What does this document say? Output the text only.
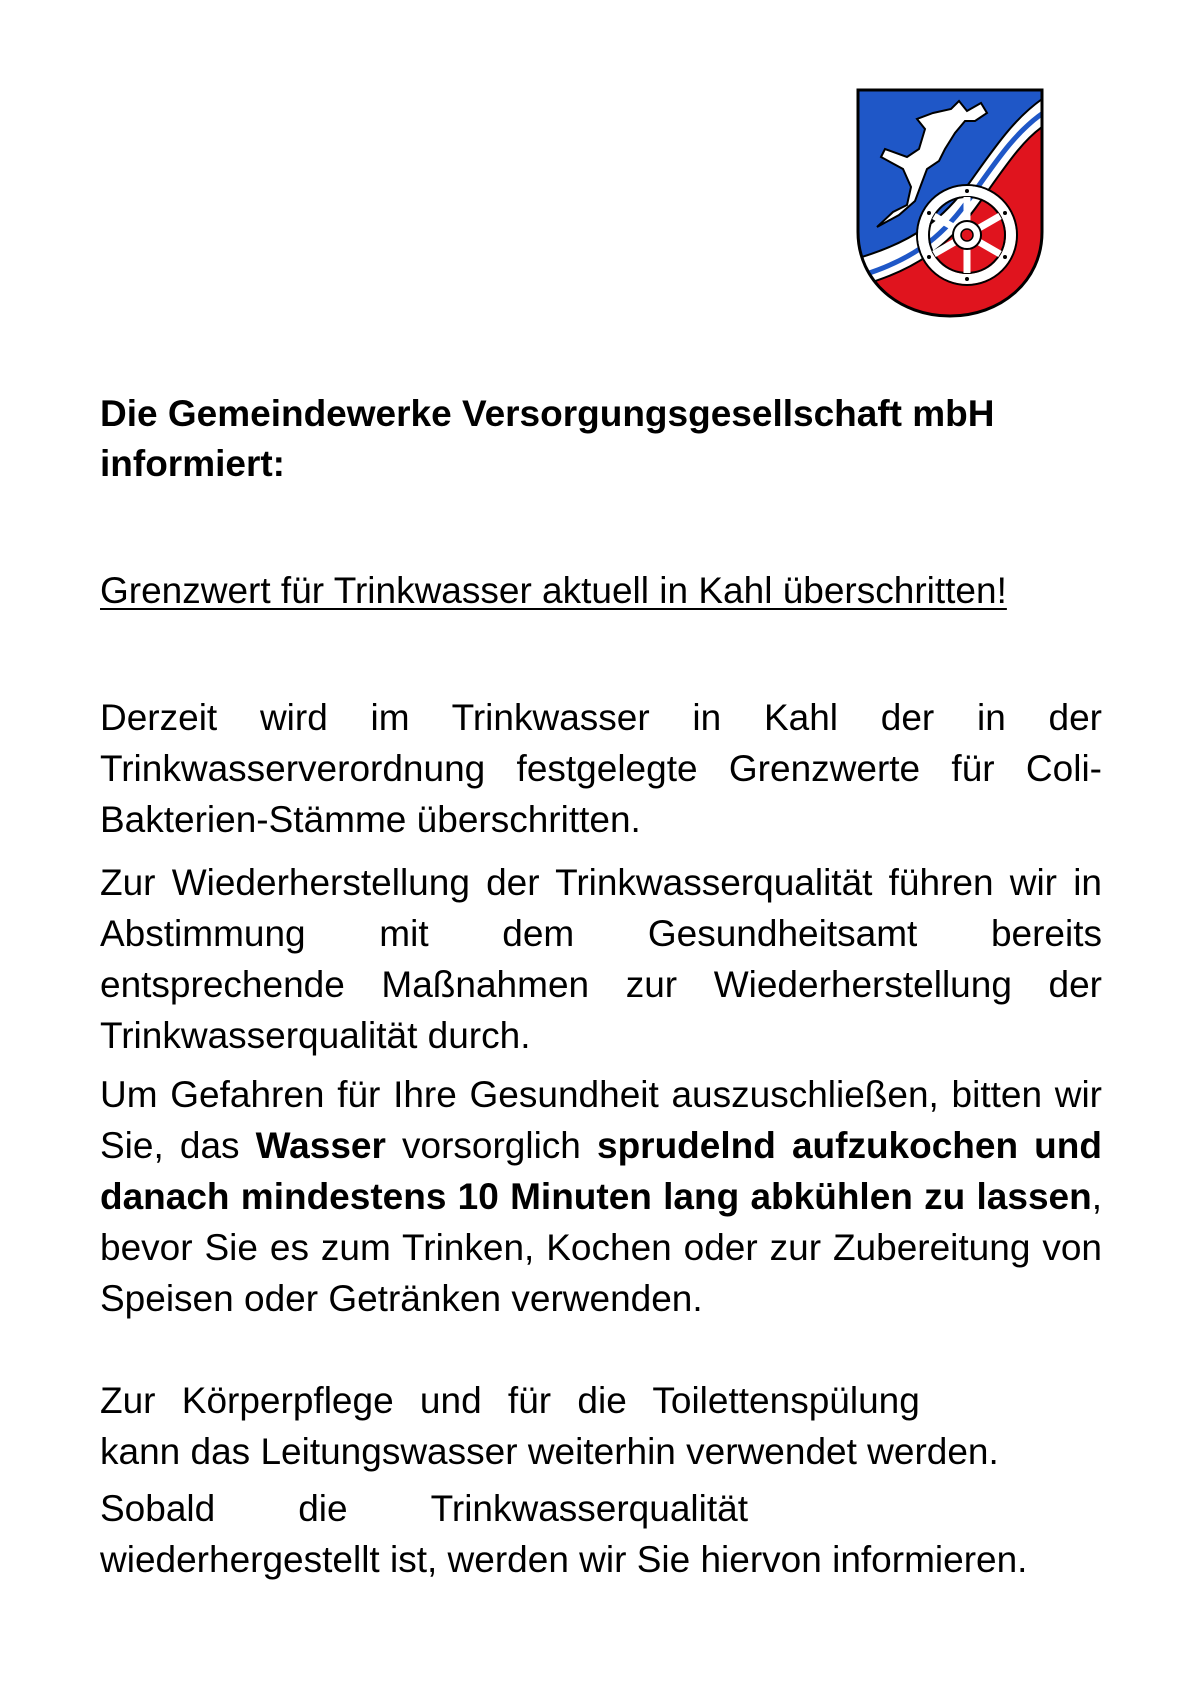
Die Gemeindewerke Versorgungsgesellschaft mbH
informiert:

Grenzwert für Trinkwasser aktuell in Kahl überschritten!

Derzeit wird im Trinkwasser in Kahl der in der Trinkwasserverordnung festgelegte Grenzwerte für Coli-Bakterien-Stämme überschritten.

Zur Wiederherstellung der Trinkwasserqualität führen wir in Abstimmung mit dem Gesundheitsamt bereits entsprechende Maßnahmen zur Wiederherstellung der Trinkwasserqualität durch.

Um Gefahren für Ihre Gesundheit auszuschließen, bitten wir Sie, das Wasser vorsorglich sprudelnd aufzukochen und danach mindestens 10 Minuten lang abkühlen zu lassen, bevor Sie es zum Trinken, Kochen oder zur Zubereitung von Speisen oder Getränken verwenden.

Zur Körperpflege und für die Toilettenspülung
kann das Leitungswasser weiterhin verwendet werden.
Sobald die Trinkwasserqualität
wiederhergestellt ist, werden wir Sie hiervon informieren.
